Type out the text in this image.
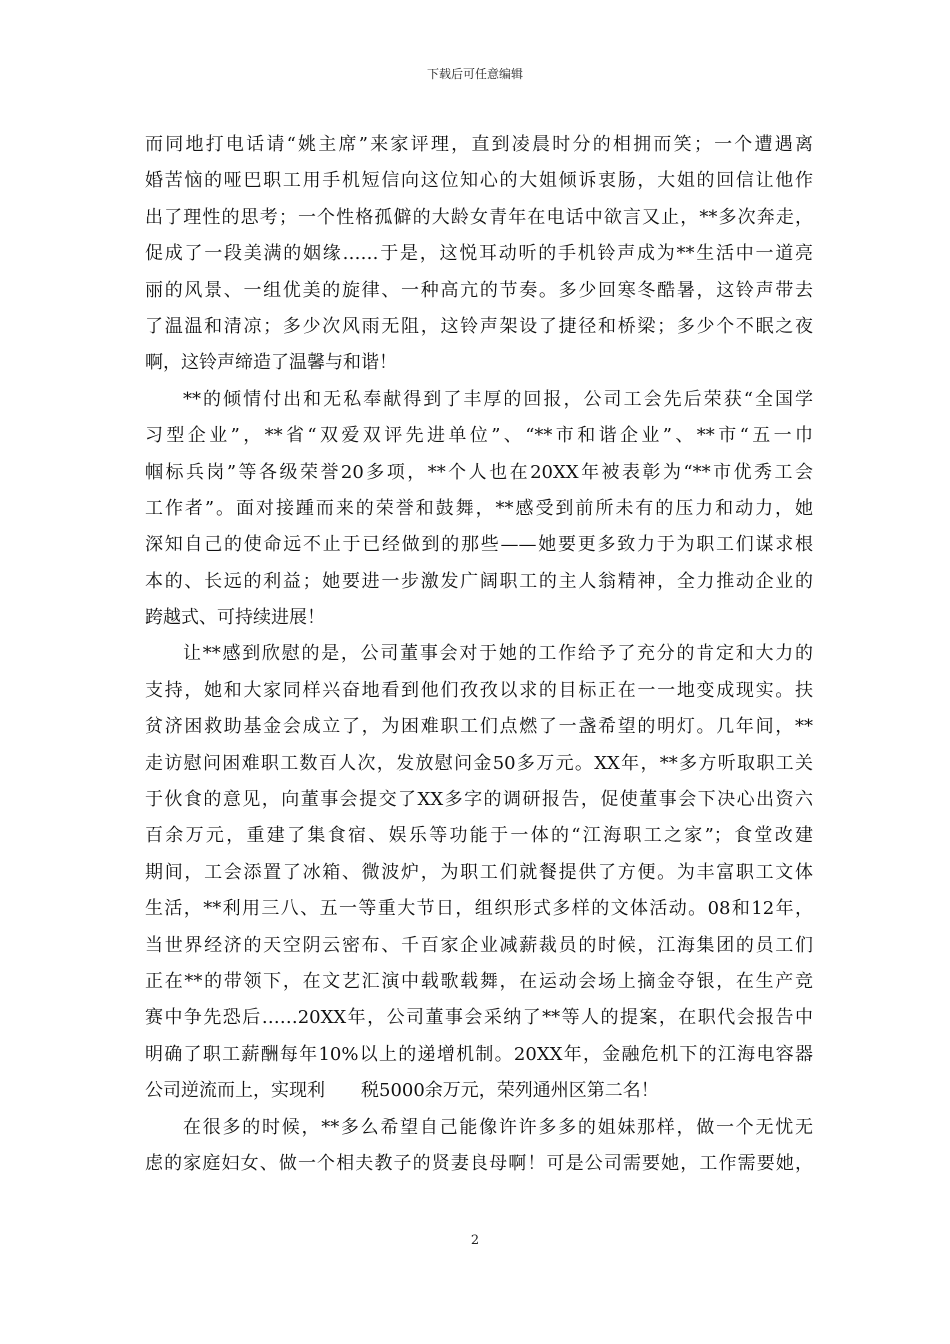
下载后可任意编辑
而同地打电话请“姚主席”来家评理，直到凌晨时分的相拥而笑；一个遭遇离
婚苦恼的哑巴职工用手机短信向这位知心的大姐倾诉衷肠，大姐的回信让他作
出了理性的思考；一个性格孤僻的大龄女青年在电话中欲言又止，**多次奔走，
促成了一段美满的姻缘……于是，这悦耳动听的手机铃声成为**生活中一道亮
丽的风景、一组优美的旋律、一种高亢的节奏。多少回寒冬酷暑，这铃声带去
了温温和清凉；多少次风雨无阻，这铃声架设了捷径和桥梁；多少个不眠之夜
啊，这铃声缔造了温馨与和谐！
**的倾情付出和无私奉献得到了丰厚的回报，公司工会先后荣获“全国学
习型企业”，**省“双爱双评先进单位”、“**市和谐企业”、**市“五一巾
帼标兵岗”等各级荣誉20多项，**个人也在20XX年被表彰为“**市优秀工会
工作者”。面对接踵而来的荣誉和鼓舞，**感受到前所未有的压力和动力，她
深知自己的使命远不止于已经做到的那些——她要更多致力于为职工们谋求根
本的、长远的利益；她要进一步激发广阔职工的主人翁精神，全力推动企业的
跨越式、可持续进展！
让**感到欣慰的是，公司董事会对于她的工作给予了充分的肯定和大力的
支持，她和大家同样兴奋地看到他们孜孜以求的目标正在一一地变成现实。扶
贫济困救助基金会成立了，为困难职工们点燃了一盏希望的明灯。几年间，**
走访慰问困难职工数百人次，发放慰问金50多万元。XX年，**多方听取职工关
于伙食的意见，向董事会提交了XX多字的调研报告，促使董事会下决心出资六
百余万元，重建了集食宿、娱乐等功能于一体的“江海职工之家”；食堂改建
期间，工会添置了冰箱、微波炉，为职工们就餐提供了方便。为丰富职工文体
生活，**利用三八、五一等重大节日，组织形式多样的文体活动。08和12年，
当世界经济的天空阴云密布、千百家企业减薪裁员的时候，江海集团的员工们
正在**的带领下，在文艺汇演中载歌载舞，在运动会场上摘金夺银，在生产竞
赛中争先恐后……20XX年，公司董事会采纳了**等人的提案，在职代会报告中
明确了职工薪酬每年10%以上的递增机制。20XX年，金融危机下的江海电容器
公司逆流而上，实现利　　税5000余万元，荣列通州区第二名！
在很多的时候，**多么希望自己能像许许多多的姐妹那样，做一个无忧无
虑的家庭妇女、做一个相夫教子的贤妻良母啊！可是公司需要她，工作需要她，
2
